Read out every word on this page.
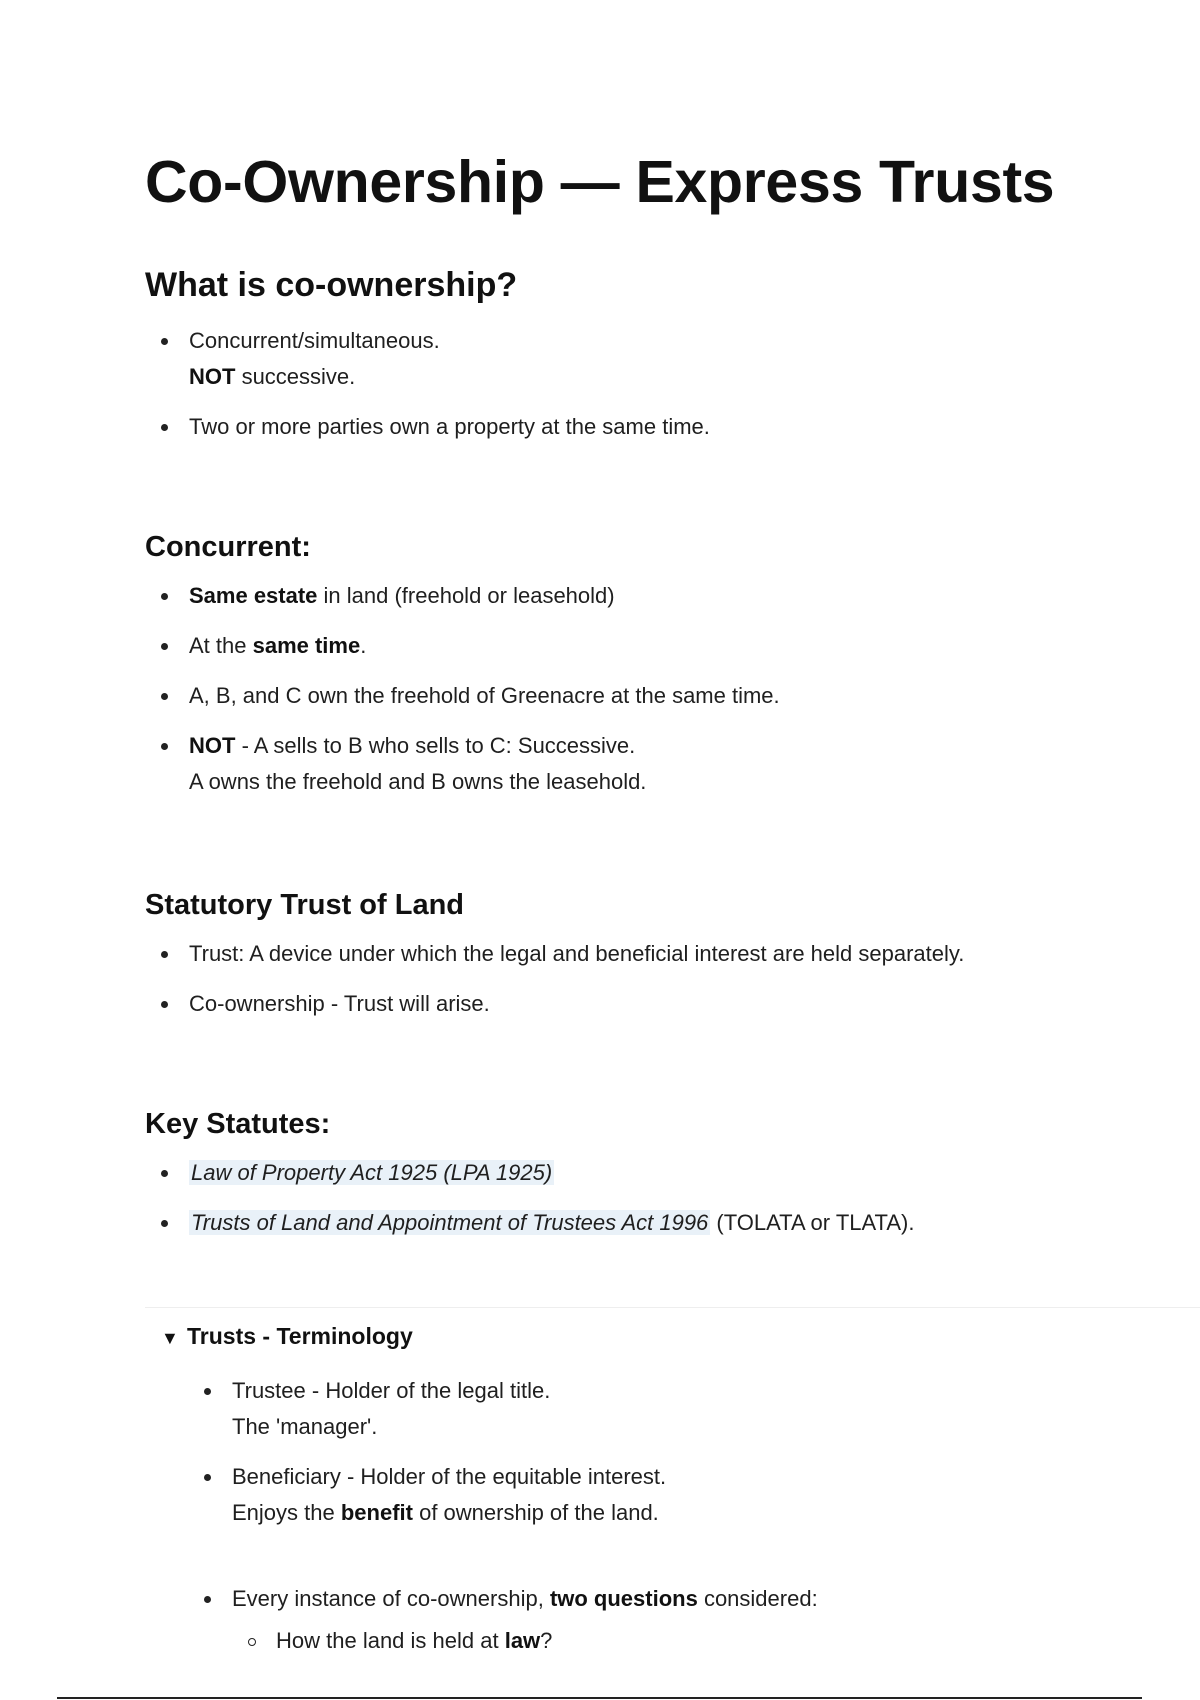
Co-Ownership — Express Trusts
What is co-ownership?
Concurrent/simultaneous.
NOT successive.
Two or more parties own a property at the same time.
Concurrent:
Same estate in land (freehold or leasehold)
At the same time.
A, B, and C own the freehold of Greenacre at the same time.
NOT - A sells to B who sells to C: Successive.
A owns the freehold and B owns the leasehold.
Statutory Trust of Land
Trust: A device under which the legal and beneficial interest are held separately.
Co-ownership - Trust will arise.
Key Statutes:
Law of Property Act 1925 (LPA 1925)
Trusts of Land and Appointment of Trustees Act 1996 (TOLATA or TLATA).
▼ Trusts - Terminology
Trustee - Holder of the legal title.
The 'manager'.
Beneficiary - Holder of the equitable interest.
Enjoys the benefit of ownership of the land.
Every instance of co-ownership, two questions considered:
How the land is held at law?
